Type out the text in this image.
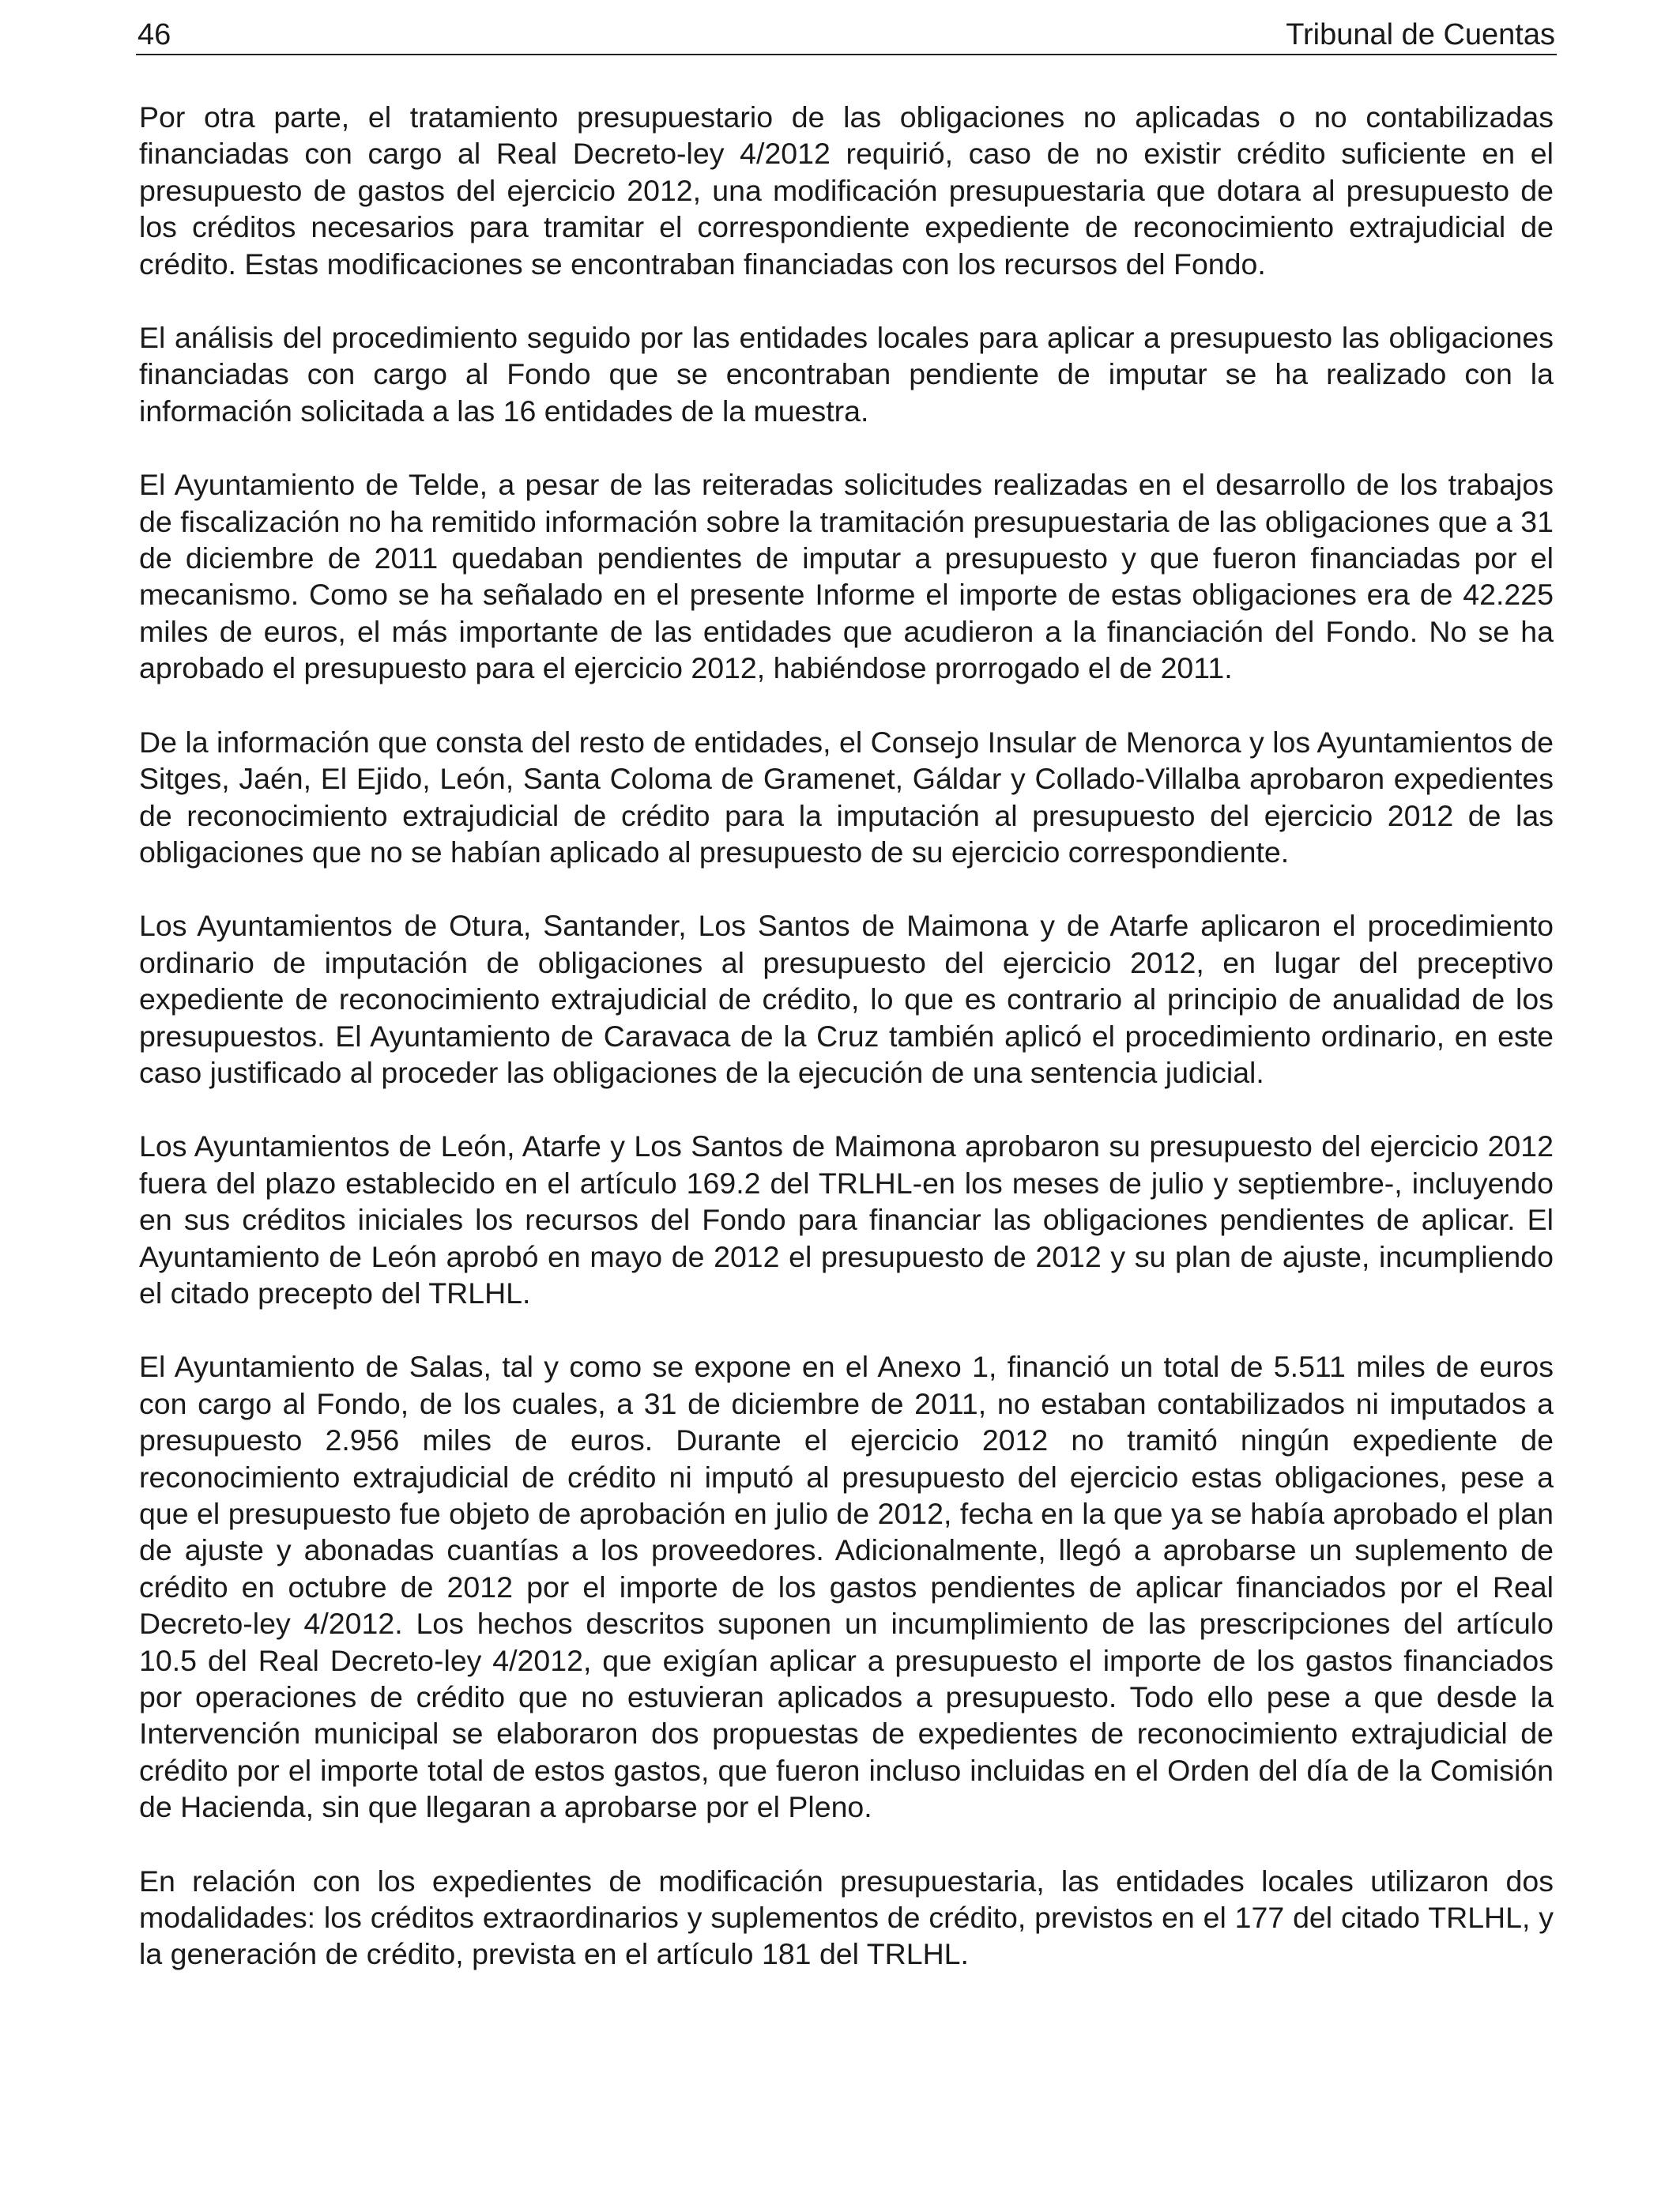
46	Tribunal de Cuentas

Por otra parte, el tratamiento presupuestario de las obligaciones no aplicadas o no contabilizadas financiadas con cargo al Real Decreto-ley 4/2012 requirió, caso de no existir crédito suficiente en el presupuesto de gastos del ejercicio 2012, una modificación presupuestaria que dotara al presupuesto de los créditos necesarios para tramitar el correspondiente expediente de reconocimiento extrajudicial de crédito. Estas modificaciones se encontraban financiadas con los recursos del Fondo.

El análisis del procedimiento seguido por las entidades locales para aplicar a presupuesto las obligaciones financiadas con cargo al Fondo que se encontraban pendiente de imputar se ha realizado con la información solicitada a las 16 entidades de la muestra.

El Ayuntamiento de Telde, a pesar de las reiteradas solicitudes realizadas en el desarrollo de los trabajos de fiscalización no ha remitido información sobre la tramitación presupuestaria de las obligaciones que a 31 de diciembre de 2011 quedaban pendientes de imputar a presupuesto y que fueron financiadas por el mecanismo. Como se ha señalado en el presente Informe el importe de estas obligaciones era de 42.225 miles de euros, el más importante de las entidades que acudieron a la financiación del Fondo. No se ha aprobado el presupuesto para el ejercicio 2012, habiéndose prorrogado el de 2011.

De la información que consta del resto de entidades, el Consejo Insular de Menorca y los Ayuntamientos de Sitges, Jaén, El Ejido, León, Santa Coloma de Gramenet, Gáldar y Collado-Villalba aprobaron expedientes de reconocimiento extrajudicial de crédito para la imputación al presupuesto del ejercicio 2012 de las obligaciones que no se habían aplicado al presupuesto de su ejercicio correspondiente.

Los Ayuntamientos de Otura, Santander, Los Santos de Maimona y de Atarfe aplicaron el procedimiento ordinario de imputación de obligaciones al presupuesto del ejercicio 2012, en lugar del preceptivo expediente de reconocimiento extrajudicial de crédito, lo que es contrario al principio de anualidad de los presupuestos. El Ayuntamiento de Caravaca de la Cruz también aplicó el procedimiento ordinario, en este caso justificado al proceder las obligaciones de la ejecución de una sentencia judicial.

Los Ayuntamientos de León, Atarfe y Los Santos de Maimona aprobaron su presupuesto del ejercicio 2012 fuera del plazo establecido en el artículo 169.2 del TRLHL-en los meses de julio y septiembre-, incluyendo en sus créditos iniciales los recursos del Fondo para financiar las obligaciones pendientes de aplicar. El Ayuntamiento de León aprobó en mayo de 2012 el presupuesto de 2012 y su plan de ajuste, incumpliendo el citado precepto del TRLHL.

El Ayuntamiento de Salas, tal y como se expone en el Anexo 1, financió un total de 5.511 miles de euros con cargo al Fondo, de los cuales, a 31 de diciembre de 2011, no estaban contabilizados ni imputados a presupuesto 2.956 miles de euros. Durante el ejercicio 2012 no tramitó ningún expediente de reconocimiento extrajudicial de crédito ni imputó al presupuesto del ejercicio estas obligaciones, pese a que el presupuesto fue objeto de aprobación en julio de 2012, fecha en la que ya se había aprobado el plan de ajuste y abonadas cuantías a los proveedores. Adicionalmente, llegó a aprobarse un suplemento de crédito en octubre de 2012 por el importe de los gastos pendientes de aplicar financiados por el Real Decreto-ley 4/2012. Los hechos descritos suponen un incumplimiento de las prescripciones del artículo 10.5 del Real Decreto-ley 4/2012, que exigían aplicar a presupuesto el importe de los gastos financiados por operaciones de crédito que no estuvieran aplicados a presupuesto. Todo ello pese a que desde la Intervención municipal se elaboraron dos propuestas de expedientes de reconocimiento extrajudicial de crédito por el importe total de estos gastos, que fueron incluso incluidas en el Orden del día de la Comisión de Hacienda, sin que llegaran a aprobarse por el Pleno.

En relación con los expedientes de modificación presupuestaria, las entidades locales utilizaron dos modalidades: los créditos extraordinarios y suplementos de crédito, previstos en el 177 del citado TRLHL, y la generación de crédito, prevista en el artículo 181 del TRLHL.
